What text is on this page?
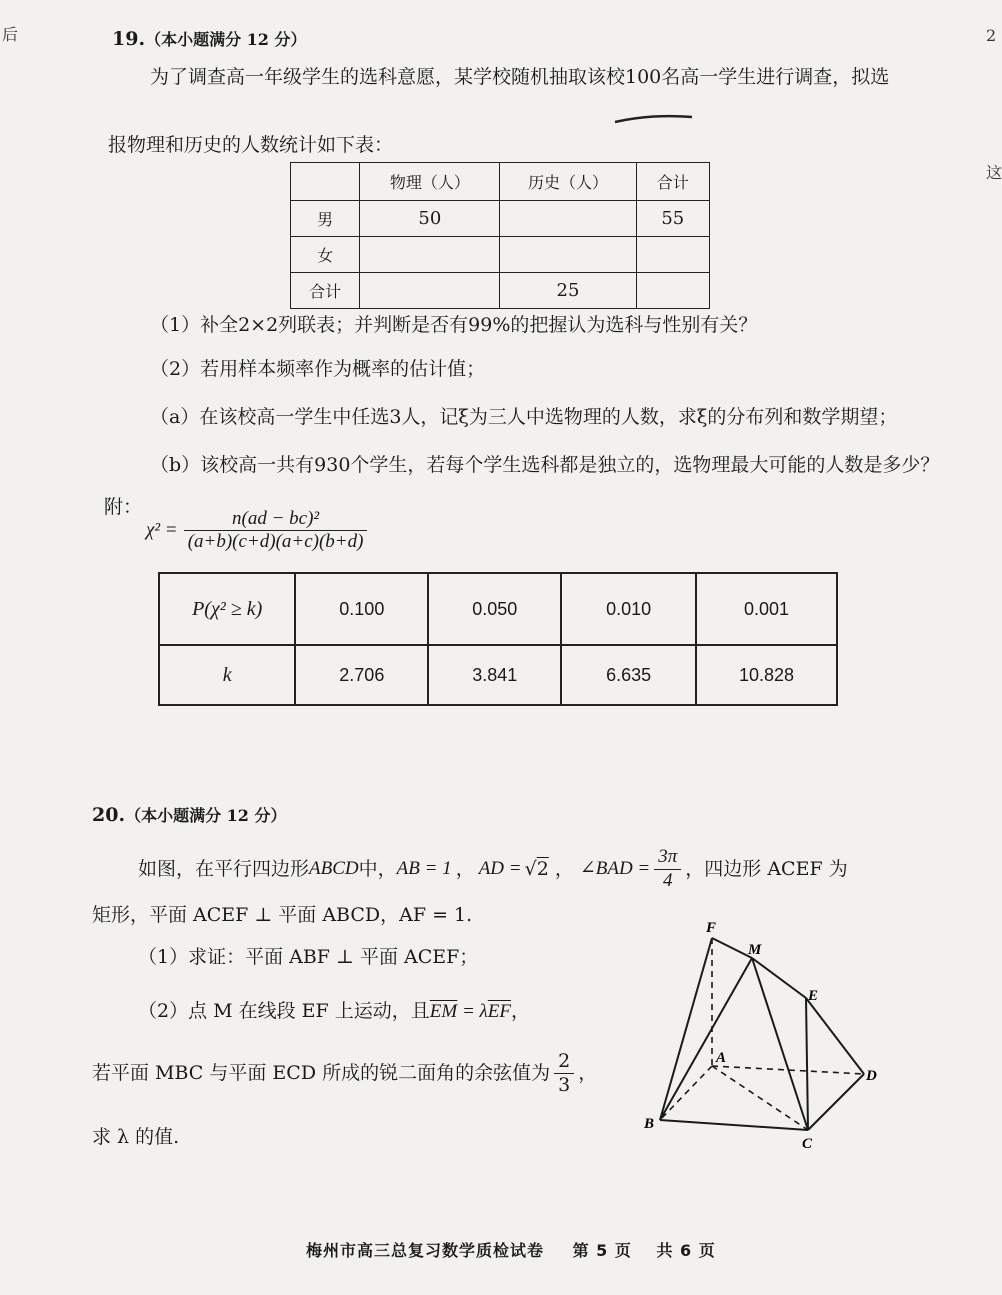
后	2
这
19.（本小题满分 12 分）
为了调查高一年级学生的选科意愿，某学校随机抽取该校100名高一学生进行调查，拟选
报物理和历史的人数统计如下表：
	物理（人）	历史（人）	合计
男	50		55
女			
合计		25	
（1）补全2×2列联表；并判断是否有99%的把握认为选科与性别有关？
（2）若用样本频率作为概率的估计值；
（a）在该校高一学生中任选3人，记ξ为三人中选物理的人数，求ξ的分布列和数学期望；
（b）该校高一共有930个学生，若每个学生选科都是独立的，选物理最大可能的人数是多少？
附：
$\chi^2 = \frac{\text{n(ad − bc)²}}{(a+b)(c+d)(a+c)(b+d)}$
P(χ² ≥ k)	0.100	0.050	0.010	0.001
k	2.706	3.841	6.635	10.828
20.（本小题满分 12 分）
如图，在平行四边形 ABCD 中， AB = 1 ， AD = √ 2 ， ∠BAD = $\frac{3\pi}{4}$ ，四边形 ACEF 为
矩形，平面 ACEF ⊥ 平面 ABCD，AF = 1.
（1）求证：平面 ABF ⊥ 平面 ACEF；
（2）点 M 在线段 EF 上运动，且$\overline{EM} = \lambda\overline{EF}$，
若平面 MBC 与平面 ECD 所成的锐二面角的余弦值为 $\frac{2}{3}$ ，
求 λ 的值.
F
M
E
A
D
B
C
梅州市高三总复习数学质检试卷 第 5 页 共 6 页
